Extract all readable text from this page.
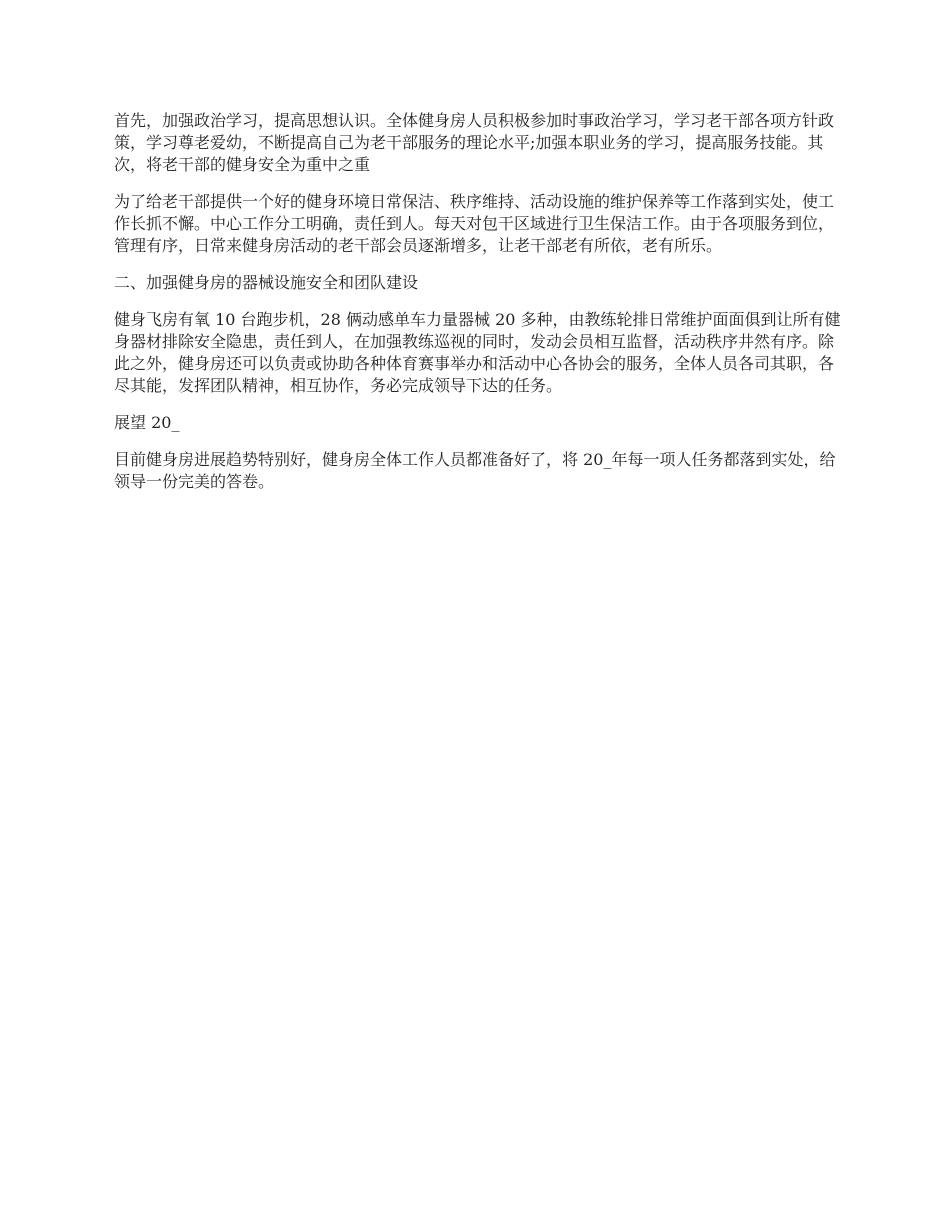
首先，加强政治学习，提高思想认识。全体健身房人员积极参加时事政治学习，学习老干部各项方针政策，学习尊老爱幼，不断提高自己为老干部服务的理论水平;加强本职业务的学习，提高服务技能。其次，将老干部的健身安全为重中之重

为了给老干部提供一个好的健身环境日常保洁、秩序维持、活动设施的维护保养等工作落到实处，使工作长抓不懈。中心工作分工明确，责任到人。每天对包干区域进行卫生保洁工作。由于各项服务到位，管理有序，日常来健身房活动的老干部会员逐渐增多，让老干部老有所依，老有所乐。

二、加强健身房的器械设施安全和团队建设

健身飞房有氧 10 台跑步机，28 俩动感单车力量器械 20 多种，由教练轮排日常维护面面俱到让所有健身器材排除安全隐患，责任到人，在加强教练巡视的同时，发动会员相互监督，活动秩序井然有序。除此之外，健身房还可以负责或协助各种体育赛事举办和活动中心各协会的服务，全体人员各司其职，各尽其能，发挥团队精神，相互协作，务必完成领导下达的任务。

展望 20_

目前健身房进展趋势特别好，健身房全体工作人员都准备好了，将 20_年每一项人任务都落到实处，给领导一份完美的答卷。
